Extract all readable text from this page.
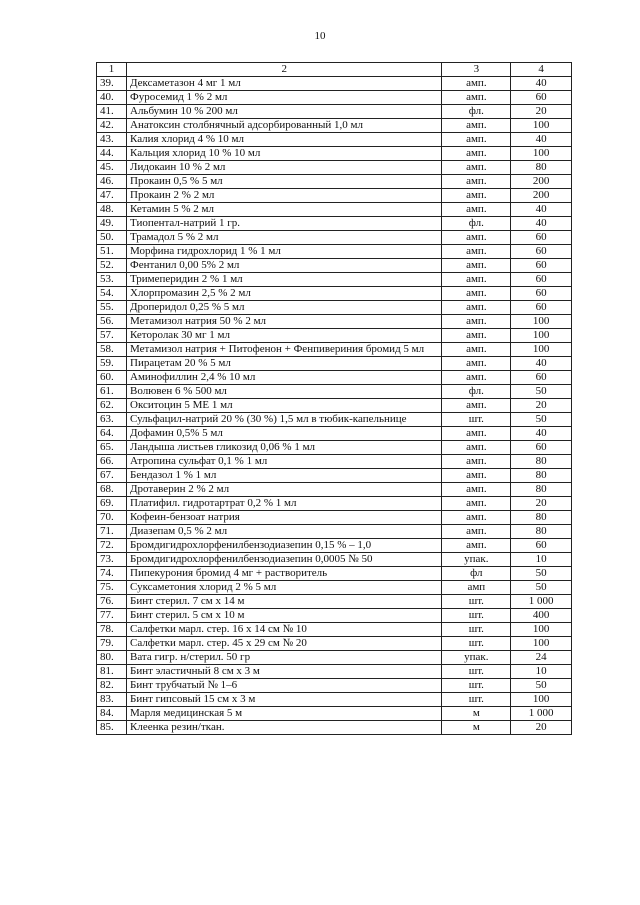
10
1	2	3	4
39.	Дексаметазон 4 мг 1 мл	амп.	40
40.	Фуросемид 1 % 2 мл	амп.	60
41.	Альбумин 10 % 200 мл	фл.	20
42.	Анатоксин столбнячный адсорбированный 1,0 мл	амп.	100
43.	Калия хлорид 4 % 10 мл	амп.	40
44.	Кальция хлорид 10 % 10 мл	амп.	100
45.	Лидокаин 10 % 2 мл	амп.	80
46.	Прокаин 0,5 % 5 мл	амп.	200
47.	Прокаин 2 % 2 мл	амп.	200
48.	Кетамин 5 % 2 мл	амп.	40
49.	Тиопентал-натрий 1 гр.	фл.	40
50.	Трамадол 5 % 2 мл	амп.	60
51.	Морфина гидрохлорид 1 % 1 мл	амп.	60
52.	Фентанил 0,00 5% 2 мл	амп.	60
53.	Тримеперидин 2 % 1 мл	амп.	60
54.	Хлорпромазин 2,5 % 2 мл	амп.	60
55.	Дроперидол 0,25 % 5 мл	амп.	60
56.	Метамизол натрия 50 % 2 мл	амп.	100
57.	Кеторолак 30 мг 1 мл	амп.	100
58.	Метамизол натрия + Питофенон + Фенпивериния бромид 5 мл	амп.	100
59.	Пирацетам 20 % 5 мл	амп.	40
60.	Аминофиллин 2,4 % 10 мл	амп.	60
61.	Волювен 6 % 500 мл	фл.	50
62.	Окситоцин 5 МЕ 1 мл	амп.	20
63.	Сульфацил-натрий 20 % (30 %) 1,5 мл в тюбик-капельнице	шт.	50
64.	Дофамин 0,5% 5 мл	амп.	40
65.	Ландыша листьев гликозид 0,06 % 1 мл	амп.	60
66.	Атропина сульфат 0,1 % 1 мл	амп.	80
67.	Бендазол 1 % 1 мл	амп.	80
68.	Дротаверин 2 % 2 мл	амп.	80
69.	Платифил. гидротартрат 0,2 % 1 мл	амп.	20
70.	Кофеин-бензоат натрия	амп.	80
71.	Диазепам 0,5 % 2 мл	амп.	80
72.	Бромдигидрохлорфенилбензодиазепин 0,15 % – 1,0	амп.	60
73.	Бромдигидрохлорфенилбензодиазепин 0,0005 № 50	упак.	10
74.	Пипекурония бромид 4 мг + растворитель	фл	50
75.	Суксаметония хлорид 2 % 5 мл	амп	50
76.	Бинт стерил. 7 см х 14 м	шт.	1 000
77.	Бинт стерил. 5 см х 10 м	шт.	400
78.	Салфетки марл. стер. 16 х 14 см № 10	шт.	100
79.	Салфетки марл. стер. 45 х 29 см № 20	шт.	100
80.	Вата гигр. н/стерил. 50 гр	упак.	24
81.	Бинт эластичный 8 см х 3 м	шт.	10
82.	Бинт трубчатый № 1–6	шт.	50
83.	Бинт гипсовый 15 см х 3 м	шт.	100
84.	Марля медицинская 5 м	м	1 000
85.	Клеенка резин/ткан.	м	20
